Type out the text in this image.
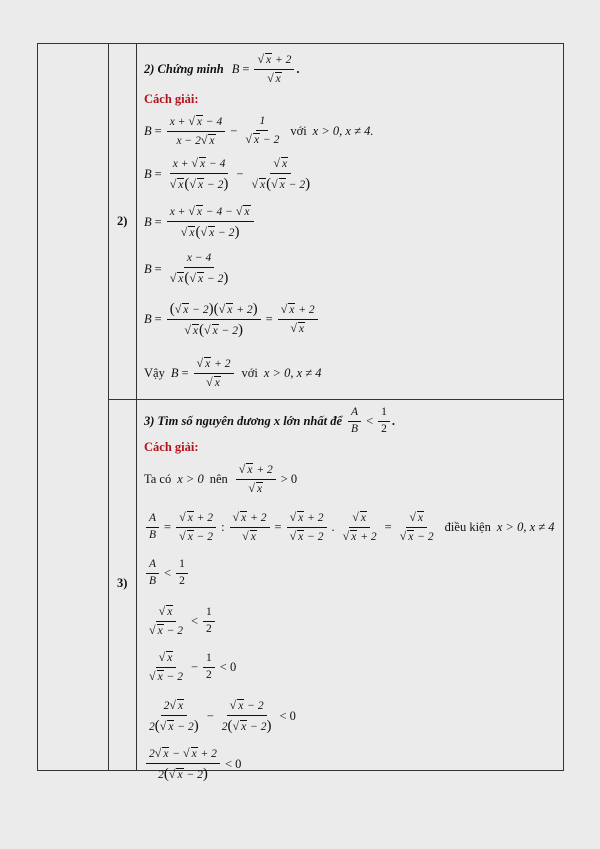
2)
3)
2) Chứng minh $B = \frac{√ x + 2}{√ x}$ .
Cách giải:
$B = \frac{x + √ x - 4}{x - 2√ x} - \frac{1}{√ x - 2}$ với x > 0, x ≠ 4.
$B = \frac{x + √ x - 4}{√ x(√ x - 2)} - \frac{√ x}{√ x(√ x - 2)}$
$B = \frac{x + √ x - 4 - √ x}{√ x(√ x - 2)}$
$B = \frac{x - 4}{√ x(√ x - 2)}$
$B = \frac{(√ x - 2)(√ x + 2)}{√ x(√ x - 2)} = \frac{√ x + 2}{√ x}$
Vậy $B = \frac{√ x + 2}{√ x}$ với x > 0, x ≠ 4
3) Tìm số nguyên dương x lớn nhất để $\frac{A}{B} < \frac{1}{2}$ .
Cách giải:
Ta có x > 0 nên $\frac{√ x + 2}{√ x} > 0$
$\frac{A}{B} = \frac{√ x + 2}{√ x - 2}$ : $\frac{√ x + 2}{√ x} = \frac{√ x + 2}{√ x - 2}$ . $\frac{√ x}{√ x + 2} = \frac{√ x}{√ x - 2}$ điều kiện x > 0, x ≠ 4
$\frac{A}{B} < \frac{1}{2}$
$\frac{√ x}{√ x - 2} < \frac{1}{2}$
$\frac{√ x}{√ x - 2} - \frac{1}{2} < 0$
$\frac{2√ x}{2(√ x - 2)} - \frac{√ x - 2}{2(√ x - 2)} < 0$
$\frac{2√ x - √ x + 2}{2(√ x - 2)} < 0$
